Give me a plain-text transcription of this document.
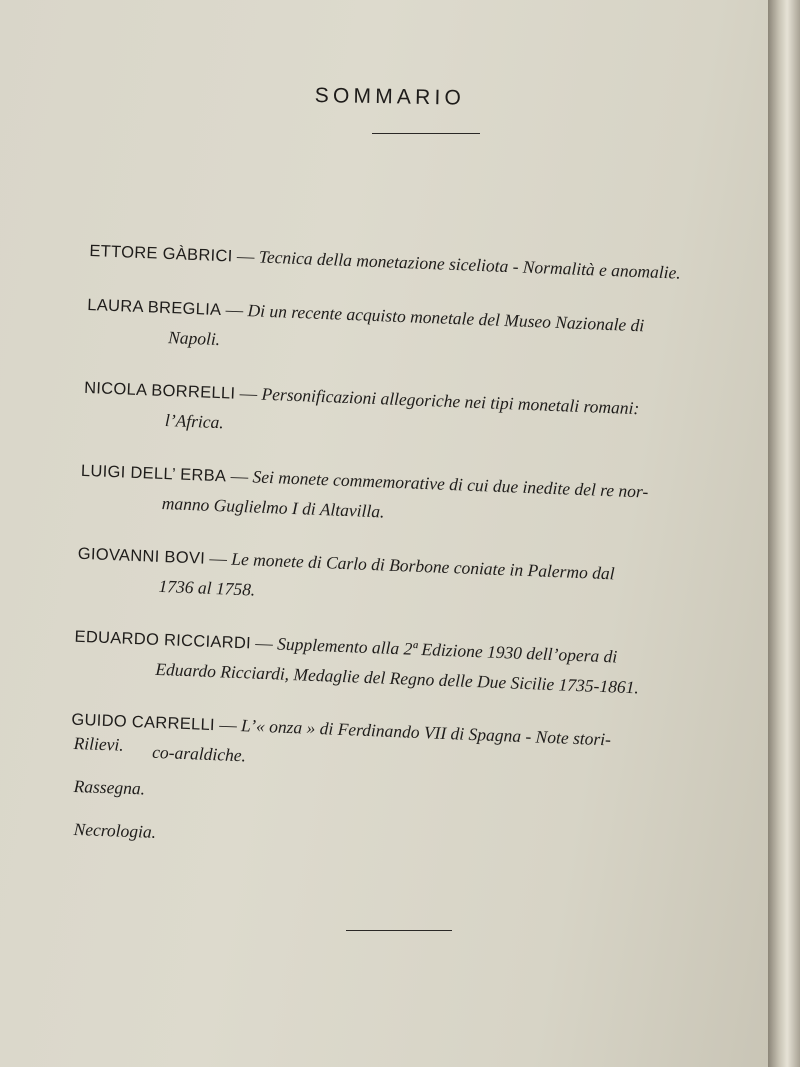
SOMMARIO
ETTORE GÀBRICI — Tecnica della monetazione siceliota - Normalità e anomalie.
LAURA BREGLIA — Di un recente acquisto monetale del Museo Nazionale di
Napoli.
NICOLA BORRELLI — Personificazioni allegoriche nei tipi monetali romani:
l’Africa.
LUIGI DELL’ ERBA — Sei monete commemorative di cui due inedite del re nor-
manno Guglielmo I di Altavilla.
GIOVANNI BOVI — Le monete di Carlo di Borbone coniate in Palermo dal
1736 al 1758.
EDUARDO RICCIARDI — Supplemento alla 2ª Edizione 1930 dell’opera di
Eduardo Ricciardi, Medaglie del Regno delle Due Sicilie 1735-1861.
GUIDO CARRELLI — L’« onza » di Ferdinando VII di Spagna - Note stori-
co-araldiche.
Rilievi.
Rassegna.
Necrologia.
